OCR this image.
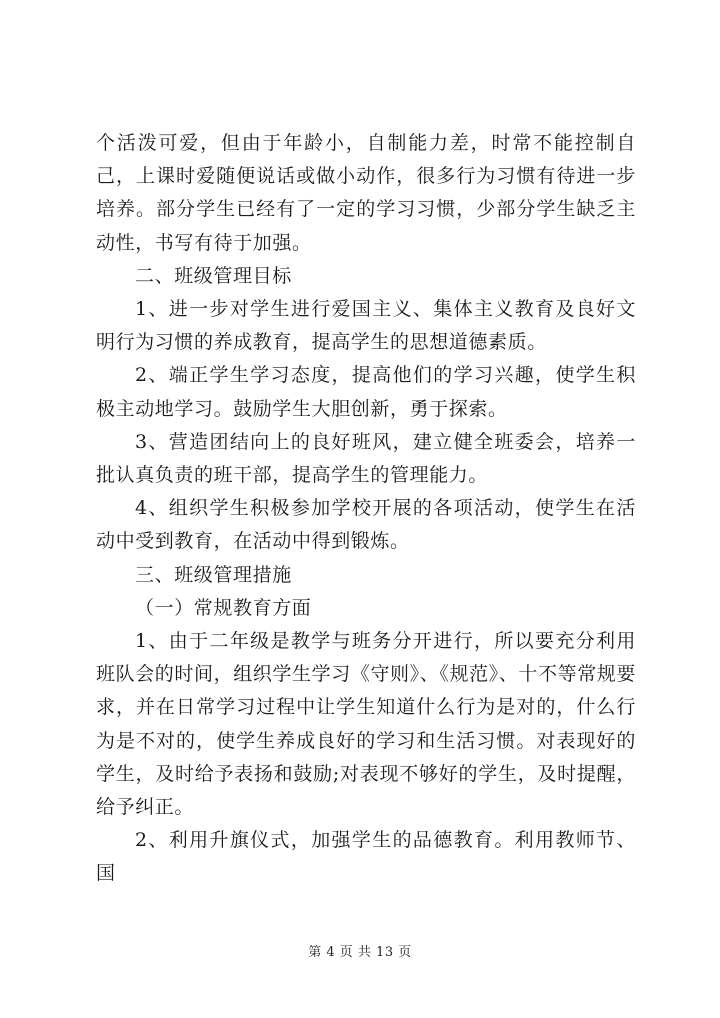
个活泼可爱，但由于年龄小，自制能力差，时常不能控制自己，上课时爱随便说话或做小动作，很多行为习惯有待进一步培养。部分学生已经有了一定的学习习惯，少部分学生缺乏主动性，书写有待于加强。

二、班级管理目标

1、进一步对学生进行爱国主义、集体主义教育及良好文明行为习惯的养成教育，提高学生的思想道德素质。

2、端正学生学习态度，提高他们的学习兴趣，使学生积极主动地学习。鼓励学生大胆创新，勇于探索。

3、营造团结向上的良好班风，建立健全班委会，培养一批认真负责的班干部，提高学生的管理能力。

4、组织学生积极参加学校开展的各项活动，使学生在活动中受到教育，在活动中得到锻炼。

三、班级管理措施

（一）常规教育方面

1、由于二年级是教学与班务分开进行，所以要充分利用班队会的时间，组织学生学习《守则》、《规范》、十不等常规要求，并在日常学习过程中让学生知道什么行为是对的，什么行为是不对的，使学生养成良好的学习和生活习惯。对表现好的学生，及时给予表扬和鼓励;对表现不够好的学生，及时提醒，给予纠正。

2、利用升旗仪式，加强学生的品德教育。利用教师节、国

第 4 页 共 13 页
